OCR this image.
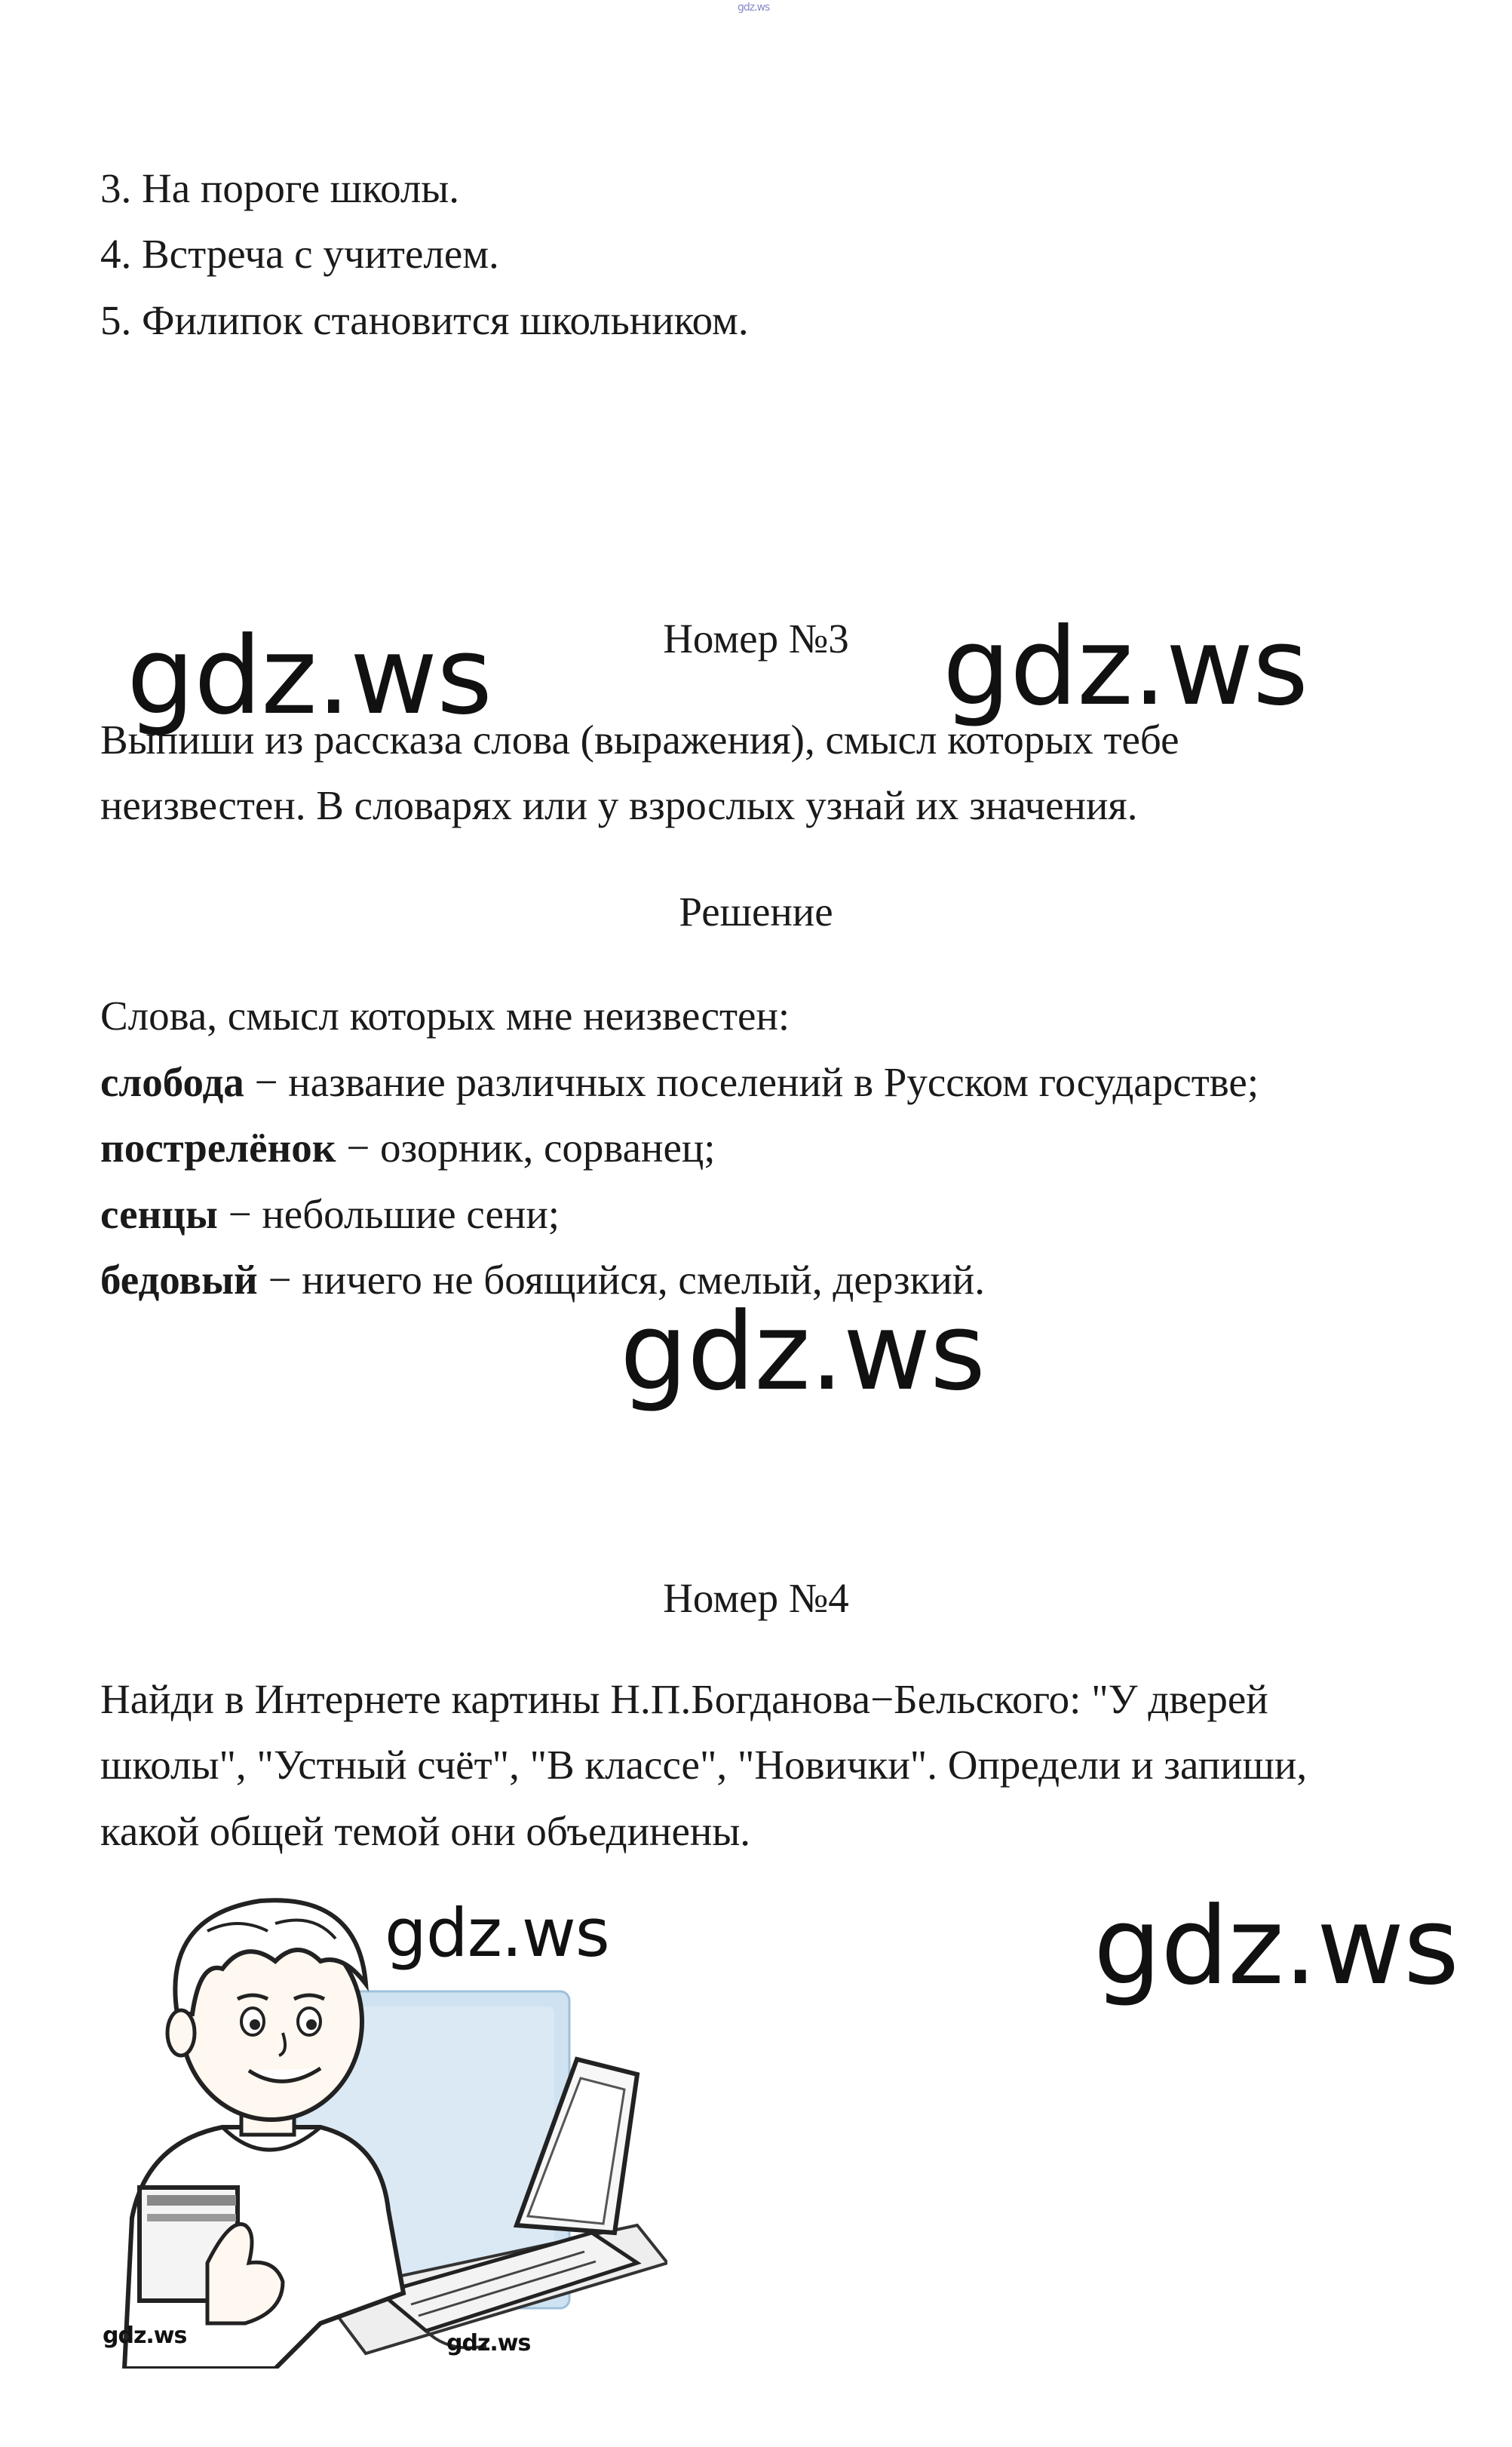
gdz.ws
3. На пороге школы.
4. Встреча с учителем.
5. Филипок становится школьником.
gdz.ws	Номер №3 gdz.ws
Выпиши из рассказа слова (выражения), смысл которых тебе
неизвестен. В словарях или у взрослых узнай их значения.
Решение
Слова, смысл которых мне неизвестен:
слобода − название различных поселений в Русском государстве;
пострелёнок − озорник, сорванец;
сенцы − небольшие сени;
бедовый − ничего не боящийся, смелый, дерзкий.
gdz.ws
Номер №4
Найди в Интернете картины Н.П.Богданова−Бельского: "У дверей
школы", "Устный счёт", "В классе", "Новички". Определи и запиши,
какой общей темой они объединены.
gdz.ws	gdz.ws
gdz.ws	gdz.ws
